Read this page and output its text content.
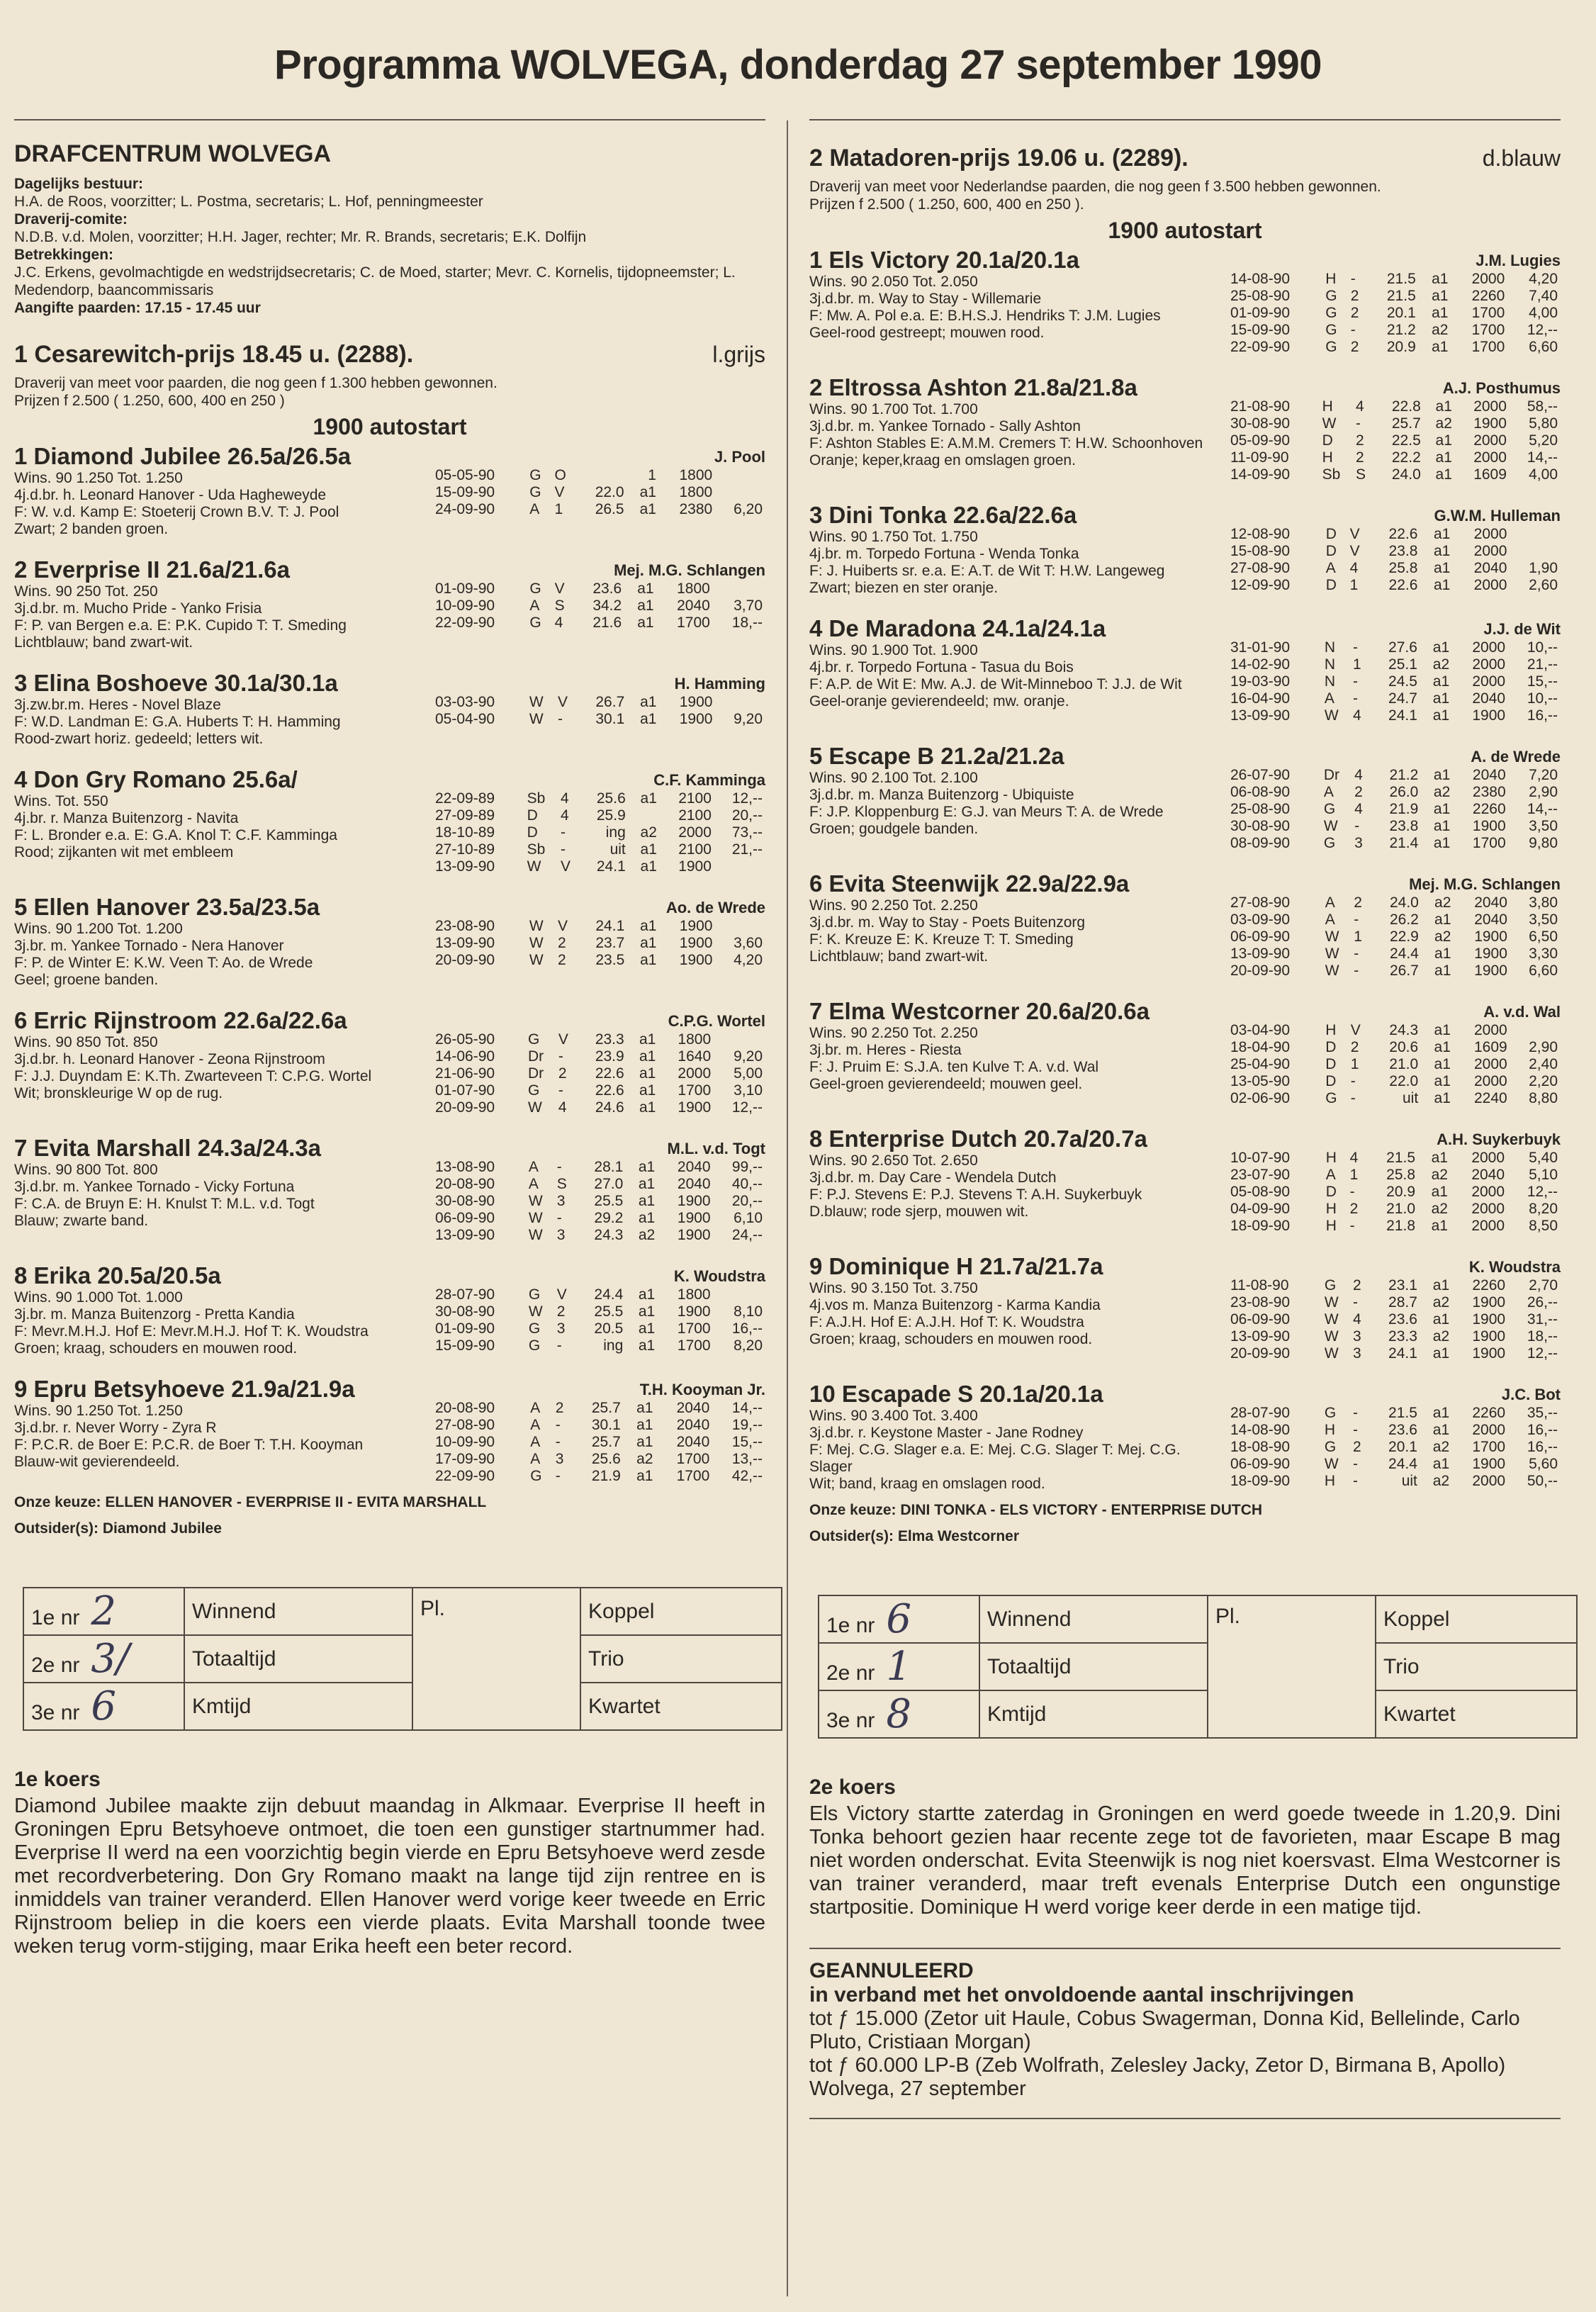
Programma WOLVEGA, donderdag 27 september 1990
DRAFCENTRUM WOLVEGA
Dagelijks bestuur:
H.A. de Roos, voorzitter; L. Postma, secretaris; L. Hof, penningmeester
Draverij-comite:
N.D.B. v.d. Molen, voorzitter; H.H. Jager, rechter; Mr. R. Brands, secretaris; E.K. Dolfijn
Betrekkingen:
J.C. Erkens, gevolmachtigde en wedstrijdsecretaris; C. de Moed, starter; Mevr. C. Kornelis, tijdopneemster; L. Medendorp, baancommissaris
Aangifte paarden: 17.15 - 17.45 uur
1 Cesarewitch-prijs 18.45 u. (2288).	l.grijs
Draverij van meet voor paarden, die nog geen f 1.300 hebben gewonnen.
Prijzen f 2.500 ( 1.250, 600, 400 en 250 )
1900 autostart
1 Diamond Jubilee 26.5a/26.5a
Wins. 90 1.250 Tot. 1.250
4j.d.br. h. Leonard Hanover - Uda Hagheweyde
F: W. v.d. Kamp E: Stoeterij Crown B.V. T: J. Pool
Zwart; 2 banden groen.
J. Pool
05-05-90	G	O		1	1800	
15-09-90	G	V	22.0	a1	1800	
24-09-90	A	1	26.5	a1	2380	6,20
2 Everprise II 21.6a/21.6a
Wins. 90 250 Tot. 250
3j.d.br. m. Mucho Pride - Yanko Frisia
F: P. van Bergen e.a. E: P.K. Cupido T: T. Smeding
Lichtblauw; band zwart-wit.
Mej. M.G. Schlangen
01-09-90	G	V	23.6	a1	1800	
10-09-90	A	S	34.2	a1	2040	3,70
22-09-90	G	4	21.6	a1	1700	18,--
3 Elina Boshoeve 30.1a/30.1a
3j.zw.br.m. Heres - Novel Blaze
F: W.D. Landman E: G.A. Huberts T: H. Hamming
Rood-zwart horiz. gedeeld; letters wit.
H. Hamming
03-03-90	W	V	26.7	a1	1900	
05-04-90	W	-	30.1	a1	1900	9,20
4 Don Gry Romano 25.6a/
Wins. Tot. 550
4j.br. r. Manza Buitenzorg - Navita
F: L. Bronder e.a. E: G.A. Knol T: C.F. Kamminga
Rood; zijkanten wit met embleem
C.F. Kamminga
22-09-89	Sb	4	25.6	a1	2100	12,--
27-09-89	D	4	25.9		2100	20,--
18-10-89	D	-	ing	a2	2000	73,--
27-10-89	Sb	-	uit	a1	2100	21,--
13-09-90	W	V	24.1	a1	1900	
5 Ellen Hanover 23.5a/23.5a
Wins. 90 1.200 Tot. 1.200
3j.br. m. Yankee Tornado - Nera Hanover
F: P. de Winter E: K.W. Veen T: Ao. de Wrede
Geel; groene banden.
Ao. de Wrede
23-08-90	W	V	24.1	a1	1900	
13-09-90	W	2	23.7	a1	1900	3,60
20-09-90	W	2	23.5	a1	1900	4,20
6 Erric Rijnstroom 22.6a/22.6a
Wins. 90 850 Tot. 850
3j.d.br. h. Leonard Hanover - Zeona Rijnstroom
F: J.J. Duyndam E: K.Th. Zwarteveen T: C.P.G. Wortel
Wit; bronskleurige W op de rug.
C.P.G. Wortel
26-05-90	G	V	23.3	a1	1800	
14-06-90	Dr	-	23.9	a1	1640	9,20
21-06-90	Dr	2	22.6	a1	2000	5,00
01-07-90	G	-	22.6	a1	1700	3,10
20-09-90	W	4	24.6	a1	1900	12,--
7 Evita Marshall 24.3a/24.3a
Wins. 90 800 Tot. 800
3j.d.br. m. Yankee Tornado - Vicky Fortuna
F: C.A. de Bruyn E: H. Knulst T: M.L. v.d. Togt
Blauw; zwarte band.
M.L. v.d. Togt
13-08-90	A	-	28.1	a1	2040	99,--
20-08-90	A	S	27.0	a1	2040	40,--
30-08-90	W	3	25.5	a1	1900	20,--
06-09-90	W	-	29.2	a1	1900	6,10
13-09-90	W	3	24.3	a2	1900	24,--
8 Erika 20.5a/20.5a
Wins. 90 1.000 Tot. 1.000
3j.br. m. Manza Buitenzorg - Pretta Kandia
F: Mevr.M.H.J. Hof E: Mevr.M.H.J. Hof T: K. Woudstra
Groen; kraag, schouders en mouwen rood.
K. Woudstra
28-07-90	G	V	24.4	a1	1800	
30-08-90	W	2	25.5	a1	1900	8,10
01-09-90	G	3	20.5	a1	1700	16,--
15-09-90	G	-	ing	a1	1700	8,20
9 Epru Betsyhoeve 21.9a/21.9a
Wins. 90 1.250 Tot. 1.250
3j.d.br. r. Never Worry - Zyra R
F: P.C.R. de Boer E: P.C.R. de Boer T: T.H. Kooyman
Blauw-wit gevierendeeld.
T.H. Kooyman Jr.
20-08-90	A	2	25.7	a1	2040	14,--
27-08-90	A	-	30.1	a1	2040	19,--
10-09-90	A	-	25.7	a1	2040	15,--
17-09-90	A	3	25.6	a2	1700	13,--
22-09-90	G	-	21.9	a1	1700	42,--
Onze keuze: ELLEN HANOVER - EVERPRISE II - EVITA MARSHALL
Outsider(s): Diamond Jubilee
1e nr 2	Winnend	Pl.	Koppel
2e nr 3/	Totaaltijd		Trio
3e nr 6	Kmtijd		Kwartet
1e koers
Diamond Jubilee maakte zijn debuut maandag in Alkmaar. Everprise II heeft in Groningen Epru Betsyhoeve ontmoet, die toen een gunstiger startnummer had. Everprise II werd na een voorzichtig begin vierde en Epru Betsyhoeve werd zesde met recordverbetering. Don Gry Romano maakt na lange tijd zijn rentree en is inmiddels van trainer veranderd. Ellen Hanover werd vorige keer tweede en Erric Rijnstroom beliep in die koers een vierde plaats. Evita Marshall toonde twee weken terug vorm-stijging, maar Erika heeft een beter record.
2 Matadoren-prijs 19.06 u. (2289).	d.blauw
Draverij van meet voor Nederlandse paarden, die nog geen f 3.500 hebben gewonnen.
Prijzen f 2.500 ( 1.250, 600, 400 en 250 ).
1900 autostart
1 Els Victory 20.1a/20.1a
Wins. 90 2.050 Tot. 2.050
3j.d.br. m. Way to Stay - Willemarie
F: Mw. A. Pol e.a. E: B.H.S.J. Hendriks T: J.M. Lugies
Geel-rood gestreept; mouwen rood.
J.M. Lugies
14-08-90	H	-	21.5	a1	2000	4,20
25-08-90	G	2	21.5	a1	2260	7,40
01-09-90	G	2	20.1	a1	1700	4,00
15-09-90	G	-	21.2	a2	1700	12,--
22-09-90	G	2	20.9	a1	1700	6,60
2 Eltrossa Ashton 21.8a/21.8a
Wins. 90 1.700 Tot. 1.700
3j.d.br. m. Yankee Tornado - Sally Ashton
F: Ashton Stables E: A.M.M. Cremers T: H.W. Schoonhoven
Oranje; keper,kraag en omslagen groen.
A.J. Posthumus
21-08-90	H	4	22.8	a1	2000	58,--
30-08-90	W	-	25.7	a2	1900	5,80
05-09-90	D	2	22.5	a1	2000	5,20
11-09-90	H	2	22.2	a1	2000	14,--
14-09-90	Sb	S	24.0	a1	1609	4,00
3 Dini Tonka 22.6a/22.6a
Wins. 90 1.750 Tot. 1.750
4j.br. m. Torpedo Fortuna - Wenda Tonka
F: J. Huiberts sr. e.a. E: A.T. de Wit T: H.W. Langeweg
Zwart; biezen en ster oranje.
G.W.M. Hulleman
12-08-90	D	V	22.6	a1	2000	
15-08-90	D	V	23.8	a1	2000	
27-08-90	A	4	25.8	a1	2040	1,90
12-09-90	D	1	22.6	a1	2000	2,60
4 De Maradona 24.1a/24.1a
Wins. 90 1.900 Tot. 1.900
4j.br. r. Torpedo Fortuna - Tasua du Bois
F: A.P. de Wit E: Mw. A.J. de Wit-Minneboo T: J.J. de Wit
Geel-oranje gevierendeeld; mw. oranje.
J.J. de Wit
31-01-90	N	-	27.6	a1	2000	10,--
14-02-90	N	1	25.1	a2	2000	21,--
19-03-90	N	-	24.5	a1	2000	15,--
16-04-90	A	-	24.7	a1	2040	10,--
13-09-90	W	4	24.1	a1	1900	16,--
5 Escape B 21.2a/21.2a
Wins. 90 2.100 Tot. 2.100
3j.d.br. m. Manza Buitenzorg - Ubiquiste
F: J.P. Kloppenburg E: G.J. van Meurs T: A. de Wrede
Groen; goudgele banden.
A. de Wrede
26-07-90	Dr	4	21.2	a1	2040	7,20
06-08-90	A	2	26.0	a2	2380	2,90
25-08-90	G	4	21.9	a1	2260	14,--
30-08-90	W	-	23.8	a1	1900	3,50
08-09-90	G	3	21.4	a1	1700	9,80
6 Evita Steenwijk 22.9a/22.9a
Wins. 90 2.250 Tot. 2.250
3j.d.br. m. Way to Stay - Poets Buitenzorg
F: K. Kreuze E: K. Kreuze T: T. Smeding
Lichtblauw; band zwart-wit.
Mej. M.G. Schlangen
27-08-90	A	2	24.0	a2	2040	3,80
03-09-90	A	-	26.2	a1	2040	3,50
06-09-90	W	1	22.9	a2	1900	6,50
13-09-90	W	-	24.4	a1	1900	3,30
20-09-90	W	-	26.7	a1	1900	6,60
7 Elma Westcorner 20.6a/20.6a
Wins. 90 2.250 Tot. 2.250
3j.br. m. Heres - Riesta
F: J. Pruim E: S.J.A. ten Kulve T: A. v.d. Wal
Geel-groen gevierendeeld; mouwen geel.
A. v.d. Wal
03-04-90	H	V	24.3	a1	2000	
18-04-90	D	2	20.6	a1	1609	2,90
25-04-90	D	1	21.0	a1	2000	2,40
13-05-90	D	-	22.0	a1	2000	2,20
02-06-90	G	-	uit	a1	2240	8,80
8 Enterprise Dutch 20.7a/20.7a
Wins. 90 2.650 Tot. 2.650
3j.d.br. m. Day Care - Wendela Dutch
F: P.J. Stevens E: P.J. Stevens T: A.H. Suykerbuyk
D.blauw; rode sjerp, mouwen wit.
A.H. Suykerbuyk
10-07-90	H	4	21.5	a1	2000	5,40
23-07-90	A	1	25.8	a2	2040	5,10
05-08-90	D	-	20.9	a1	2000	12,--
04-09-90	H	2	21.0	a2	2000	8,20
18-09-90	H	-	21.8	a1	2000	8,50
9 Dominique H 21.7a/21.7a
Wins. 90 3.150 Tot. 3.750
4j.vos m. Manza Buitenzorg - Karma Kandia
F: A.J.H. Hof E: A.J.H. Hof T: K. Woudstra
Groen; kraag, schouders en mouwen rood.
K. Woudstra
11-08-90	G	2	23.1	a1	2260	2,70
23-08-90	W	-	28.7	a2	1900	26,--
06-09-90	W	4	23.6	a1	1900	31,--
13-09-90	W	3	23.3	a2	1900	18,--
20-09-90	W	3	24.1	a1	1900	12,--
10 Escapade S 20.1a/20.1a
Wins. 90 3.400 Tot. 3.400
3j.d.br. r. Keystone Master - Jane Rodney
F: Mej. C.G. Slager e.a. E: Mej. C.G. Slager T: Mej. C.G. Slager
Wit; band, kraag en omslagen rood.
J.C. Bot
28-07-90	G	-	21.5	a1	2260	35,--
14-08-90	H	-	23.6	a1	2000	16,--
18-08-90	G	2	20.1	a2	1700	16,--
06-09-90	W	-	24.4	a1	1900	5,60
18-09-90	H	-	uit	a2	2000	50,--
Onze keuze: DINI TONKA - ELS VICTORY - ENTERPRISE DUTCH
Outsider(s): Elma Westcorner
1e nr 6	Winnend	Pl.	Koppel
2e nr 1	Totaaltijd		Trio
3e nr 8	Kmtijd		Kwartet
2e koers
Els Victory startte zaterdag in Groningen en werd goede tweede in 1.20,9. Dini Tonka behoort gezien haar recente zege tot de favorieten, maar Escape B mag niet worden onderschat. Evita Steenwijk is nog niet koersvast. Elma Westcorner is van trainer veranderd, maar treft evenals Enterprise Dutch een ongunstige startpositie. Dominique H werd vorige keer derde in een matige tijd.
GEANNULEERD
in verband met het onvoldoende aantal inschrijvingen
tot ƒ 15.000 (Zetor uit Haule, Cobus Swagerman, Donna Kid, Bellelinde, Carlo Pluto, Cristiaan Morgan)
tot ƒ 60.000 LP-B (Zeb Wolfrath, Zelesley Jacky, Zetor D, Birmana B, Apollo)
Wolvega, 27 september
